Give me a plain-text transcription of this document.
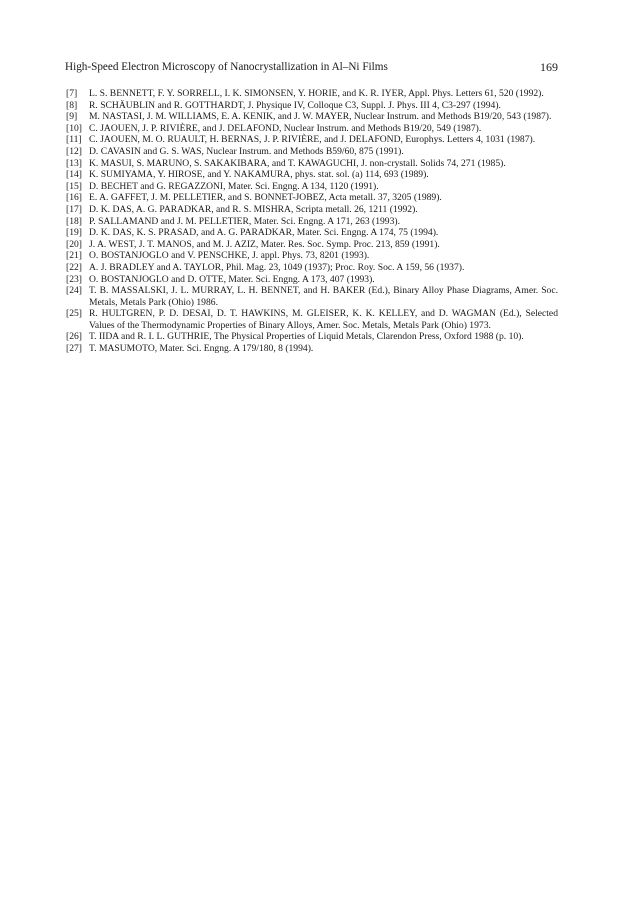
High-Speed Electron Microscopy of Nanocrystallization in Al–Ni Films	169
[7]	L. S. BENNETT, F. Y. SORRELL, I. K. SIMONSEN, Y. HORIE, and K. R. IYER, Appl. Phys. Letters 61, 520 (1992).
[8]	R. SCHÄUBLIN and R. GOTTHARDT, J. Physique IV, Colloque C3, Suppl. J. Phys. III 4, C3-297 (1994).
[9]	M. NASTASI, J. M. WILLIAMS, E. A. KENIK, and J. W. MAYER, Nuclear Instrum. and Methods B19/20, 543 (1987).
[10] C. JAOUEN, J. P. RIVIÈRE, and J. DELAFOND, Nuclear Instrum. and Methods B19/20, 549 (1987).
[11] C. JAOUEN, M. O. RUAULT, H. BERNAS, J. P. RIVIÈRE, and J. DELAFOND, Europhys. Letters 4, 1031 (1987).
[12] D. CAVASIN and G. S. WAS, Nuclear Instrum. and Methods B59/60, 875 (1991).
[13] K. MASUI, S. MARUNO, S. SAKAKIBARA, and T. KAWAGUCHI, J. non-crystall. Solids 74, 271 (1985).
[14] K. SUMIYAMA, Y. HIROSE, and Y. NAKAMURA, phys. stat. sol. (a) 114, 693 (1989).
[15] D. BECHET and G. REGAZZONI, Mater. Sci. Engng. A 134, 1120 (1991).
[16] E. A. GAFFET, J. M. PELLETIER, and S. BONNET-JOBEZ, Acta metall. 37, 3205 (1989).
[17] D. K. DAS, A. G. PARADKAR, and R. S. MISHRA, Scripta metall. 26, 1211 (1992).
[18] P. SALLAMAND and J. M. PELLETIER, Mater. Sci. Engng. A 171, 263 (1993).
[19] D. K. DAS, K. S. PRASAD, and A. G. PARADKAR, Mater. Sci. Engng. A 174, 75 (1994).
[20] J. A. WEST, J. T. MANOS, and M. J. AZIZ, Mater. Res. Soc. Symp. Proc. 213, 859 (1991).
[21] O. BOSTANJOGLO and V. PENSCHKE, J. appl. Phys. 73, 8201 (1993).
[22] A. J. BRADLEY and A. TAYLOR, Phil. Mag. 23, 1049 (1937); Proc. Roy. Soc. A 159, 56 (1937).
[23] O. BOSTANJOGLO and D. OTTE, Mater. Sci. Engng. A 173, 407 (1993).
[24] T. B. MASSALSKI, J. L. MURRAY, L. H. BENNET, and H. BAKER (Ed.), Binary Alloy Phase Diagrams, Amer. Soc. Metals, Metals Park (Ohio) 1986.
[25] R. HULTGREN, P. D. DESAI, D. T. HAWKINS, M. GLEISER, K. K. KELLEY, and D. WAGMAN (Ed.), Selected Values of the Thermodynamic Properties of Binary Alloys, Amer. Soc. Metals, Metals Park (Ohio) 1973.
[26] T. IIDA and R. I. L. GUTHRIE, The Physical Properties of Liquid Metals, Clarendon Press, Oxford 1988 (p. 10).
[27] T. MASUMOTO, Mater. Sci. Engng. A 179/180, 8 (1994).
